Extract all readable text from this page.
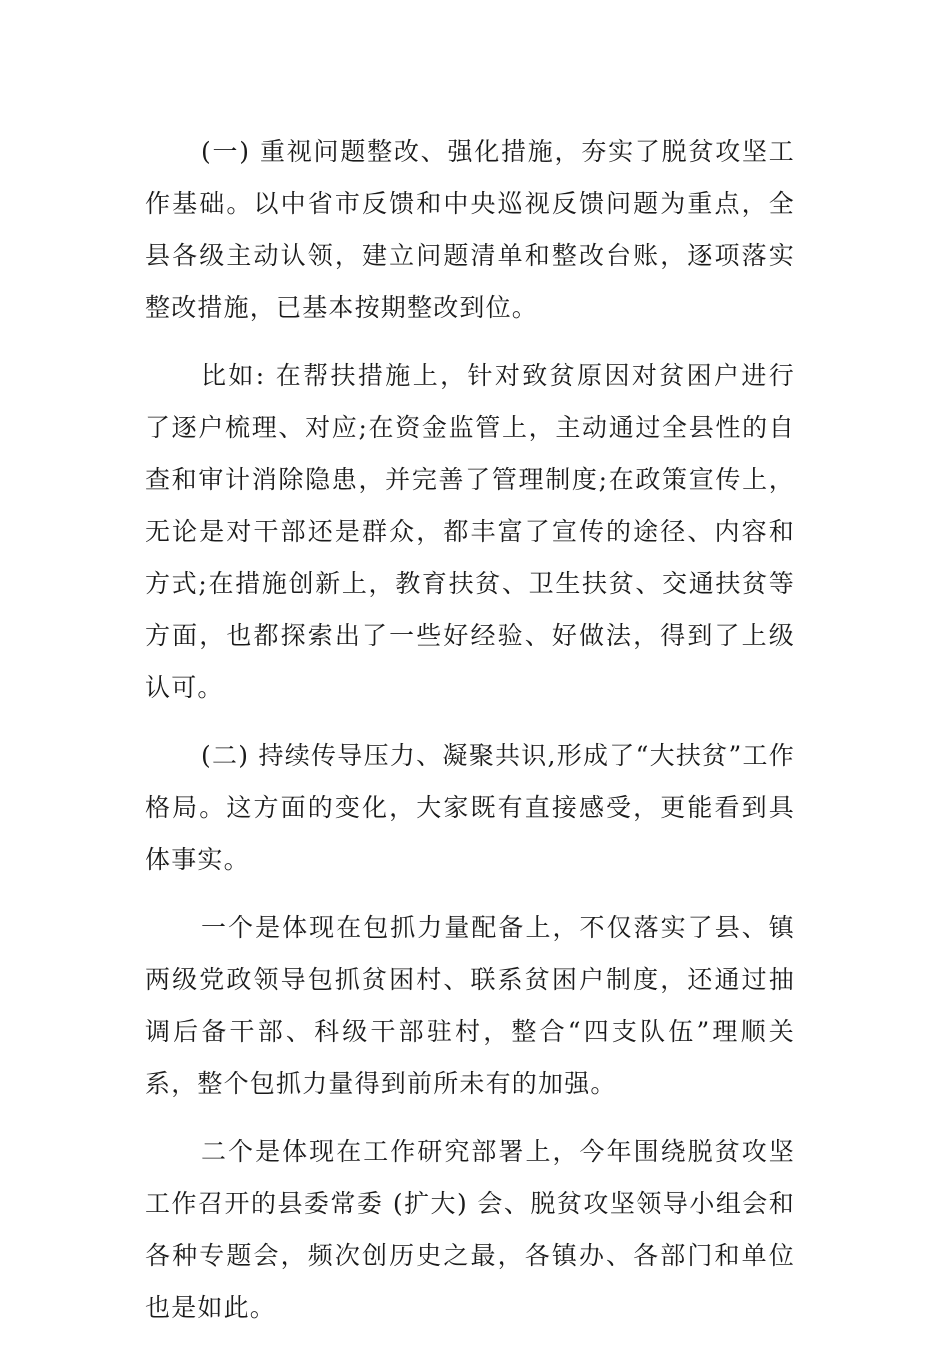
(一) 重视问题整改、强化措施，夯实了脱贫攻坚工作基础。以中省市反馈和中央巡视反馈问题为重点，全县各级主动认领，建立问题清单和整改台账，逐项落实整改措施，已基本按期整改到位。

比如: 在帮扶措施上，针对致贫原因对贫困户进行了逐户梳理、对应;在资金监管上，主动通过全县性的自查和审计消除隐患，并完善了管理制度;在政策宣传上，无论是对干部还是群众，都丰富了宣传的途径、内容和方式;在措施创新上，教育扶贫、卫生扶贫、交通扶贫等方面，也都探索出了一些好经验、好做法，得到了上级认可。

(二) 持续传导压力、凝聚共识,形成了“大扶贫”工作格局。这方面的变化，大家既有直接感受，更能看到具体事实。

一个是体现在包抓力量配备上，不仅落实了县、镇两级党政领导包抓贫困村、联系贫困户制度，还通过抽调后备干部、科级干部驻村，整合“四支队伍”理顺关系，整个包抓力量得到前所未有的加强。

二个是体现在工作研究部署上，今年围绕脱贫攻坚工作召开的县委常委 (扩大) 会、脱贫攻坚领导小组会和各种专题会，频次创历史之最，各镇办、各部门和单位也是如此。
